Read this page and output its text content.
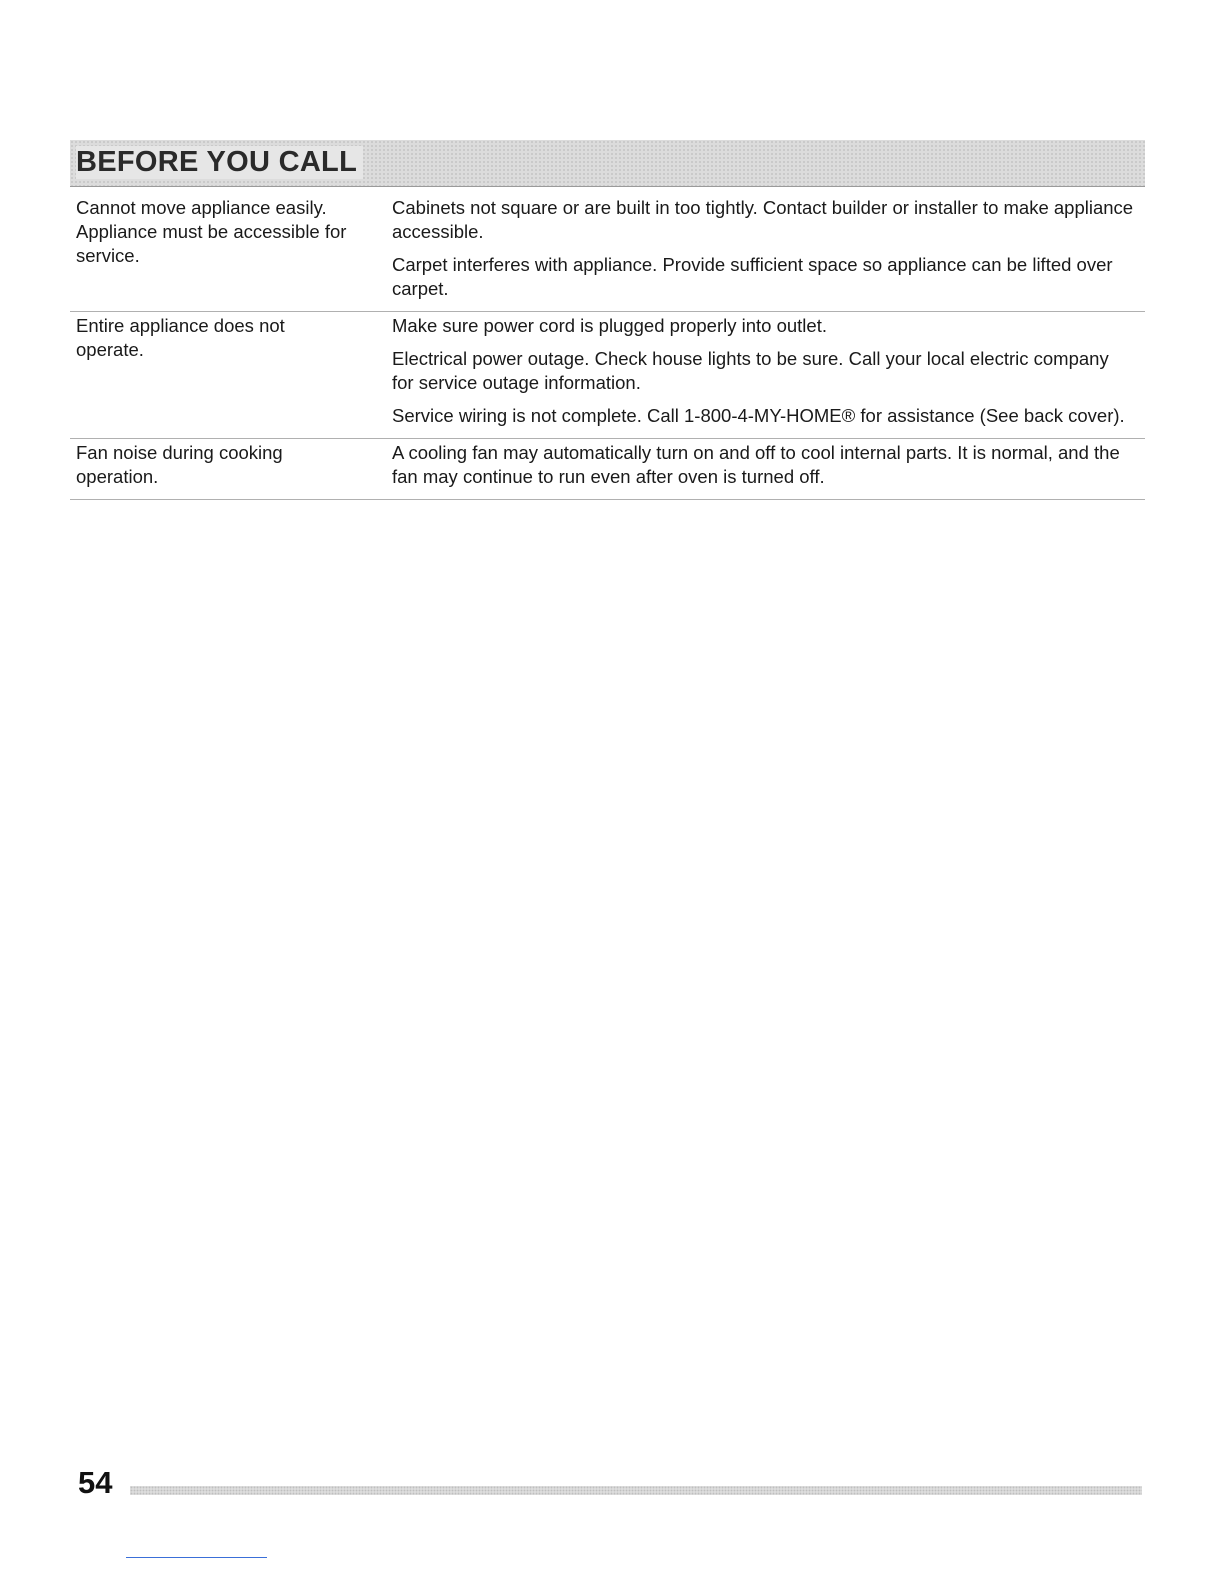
BEFORE YOU CALL
Cannot move appliance easily. Appliance must be accessible for service.	Cabinets not square or are built in too tightly. Contact builder or installer to make appliance accessible.

Carpet interferes with appliance. Provide sufficient space so appliance can be lifted over carpet.

Entire appliance does not operate.	Make sure power cord is plugged properly into outlet.

Electrical power outage. Check house lights to be sure. Call your local electric company for service outage information.

Service wiring is not complete. Call 1-800-4-MY-HOME® for assistance (See back cover).

Fan noise during cooking operation.	A cooling fan may automatically turn on and off to cool internal parts. It is normal, and the fan may continue to run even after oven is turned off.

54
